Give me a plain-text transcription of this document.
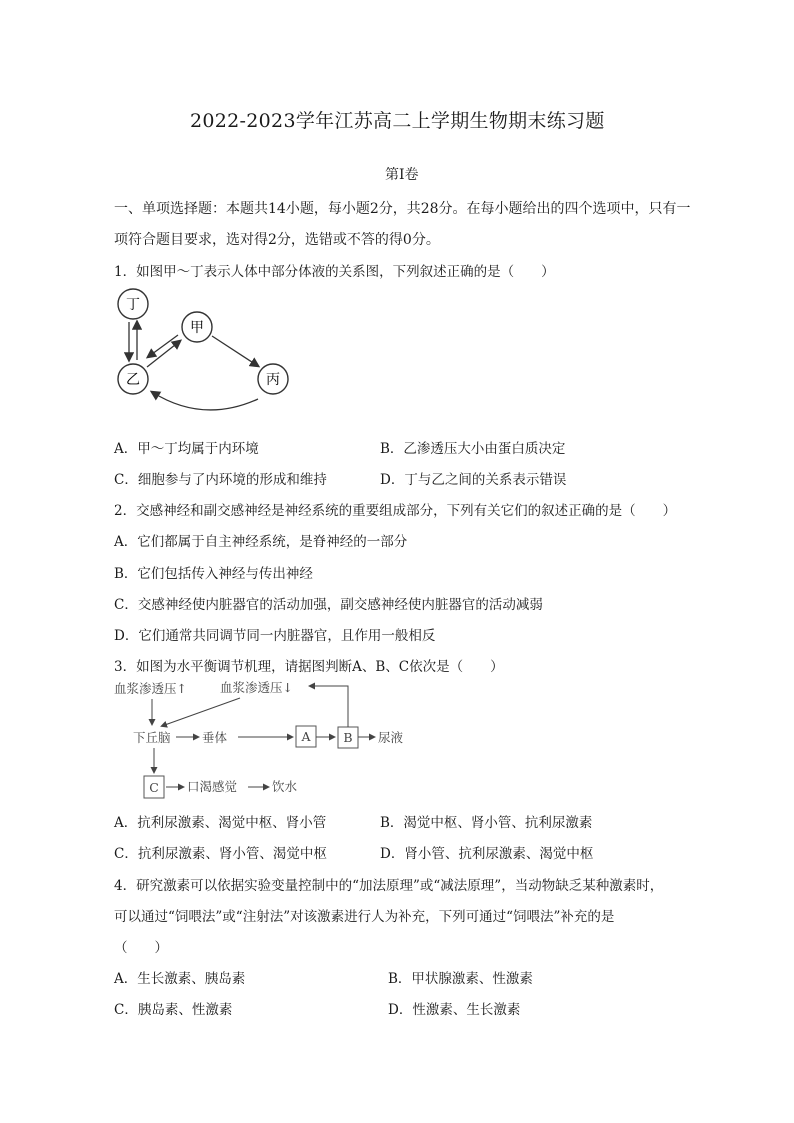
2022-2023学年江苏高二上学期生物期末练习题
第Ⅰ卷
一、单项选择题：本题共14小题，每小题2分，共28分。在每小题给出的四个选项中，只有一
项符合题目要求，选对得2分，选错或不答的得0分。
1．如图甲～丁表示人体中部分体液的关系图，下列叙述正确的是（　　）
丁
甲
乙	丙
A．甲～丁均属于内环境	B．乙渗透压大小由蛋白质决定
C．细胞参与了内环境的形成和维持	D．丁与乙之间的关系表示错误
2．交感神经和副交感神经是神经系统的重要组成部分，下列有关它们的叙述正确的是（　　）
A．它们都属于自主神经系统，是脊神经的一部分
B．它们包括传入神经与传出神经
C．交感神经使内脏器官的活动加强，副交感神经使内脏器官的活动减弱
D．它们通常共同调节同一内脏器官，且作用一般相反
3．如图为水平衡调节机理，请据图判断A、B、C依次是（　　）
血浆渗透压↑	血浆渗透压↓
下丘脑	垂体	A	B 尿液
C 口渴感觉	饮水
A．抗利尿激素、渴觉中枢、肾小管	B．渴觉中枢、肾小管、抗利尿激素
C．抗利尿激素、肾小管、渴觉中枢	D．肾小管、抗利尿激素、渴觉中枢
4．研究激素可以依据实验变量控制中的“加法原理”或“减法原理”，当动物缺乏某种激素时，
可以通过“饲喂法”或“注射法”对该激素进行人为补充，下列可通过“饲喂法”补充的是
（　　）
A．生长激素、胰岛素	B．甲状腺激素、性激素
C．胰岛素、性激素	D．性激素、生长激素
